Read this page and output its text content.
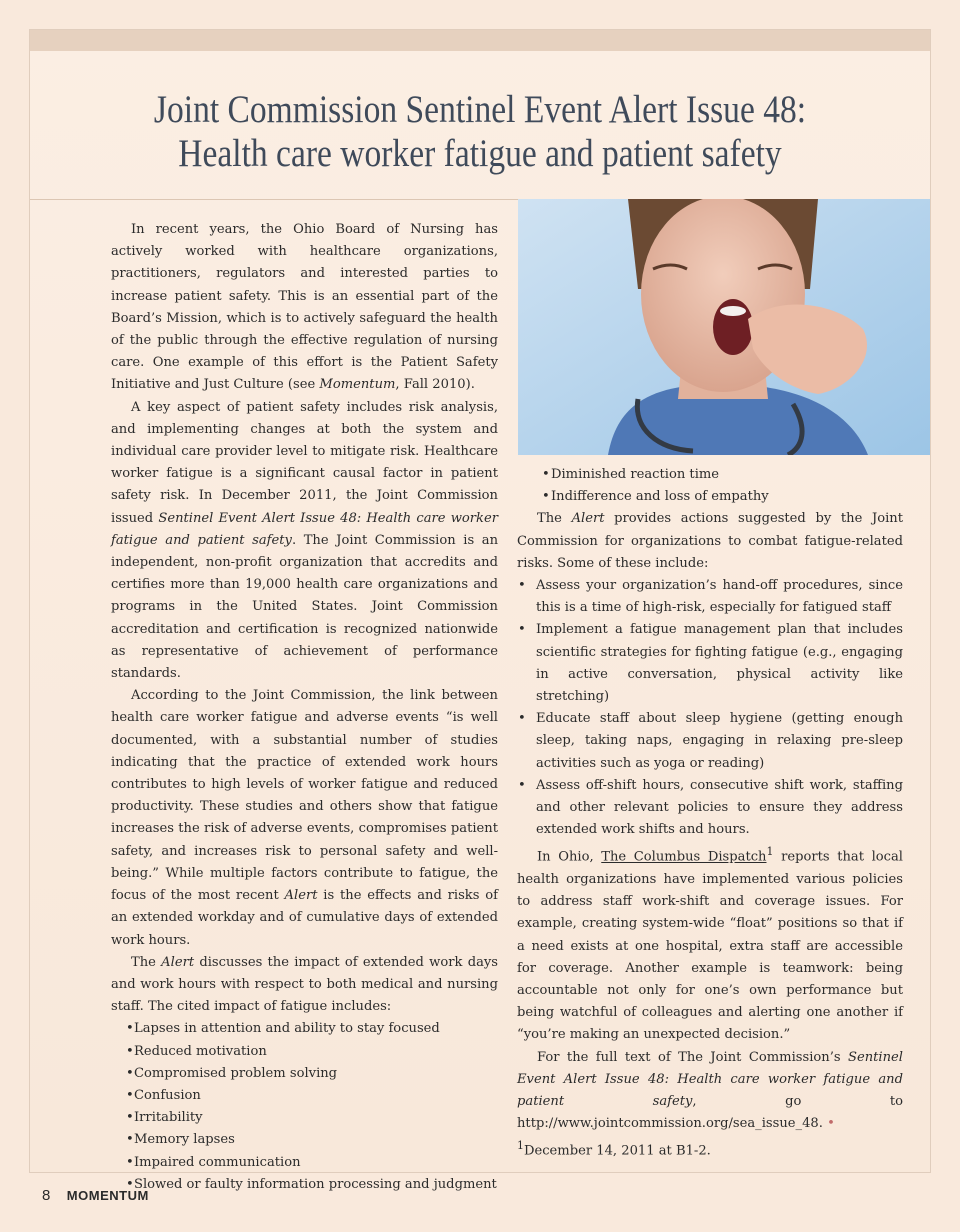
Joint Commission Sentinel Event Alert Issue 48:
Health care worker fatigue and patient safety

In recent years, the Ohio Board of Nursing has actively worked with healthcare organizations, practitioners, regulators and interested parties to increase patient safety. This is an essential part of the Board’s Mission, which is to actively safeguard the health of the public through the effective regulation of nursing care. One example of this effort is the Patient Safety Initiative and Just Culture (see Momentum, Fall 2010).

A key aspect of patient safety includes risk analysis, and implementing changes at both the system and individual care provider level to mitigate risk. Healthcare worker fatigue is a significant causal factor in patient safety risk. In December 2011, the Joint Commission issued Sentinel Event Alert Issue 48: Health care worker fatigue and patient safety. The Joint Commission is an independent, non-profit organization that accredits and certifies more than 19,000 health care organizations and programs in the United States. Joint Commission accreditation and certification is recognized nationwide as representative of achievement of performance standards.

According to the Joint Commission, the link between health care worker fatigue and adverse events “is well documented, with a substantial number of studies indicating that the practice of extended work hours contributes to high levels of worker fatigue and reduced productivity. These studies and others show that fatigue increases the risk of adverse events, compromises patient safety, and increases risk to personal safety and well-being.” While multiple factors contribute to fatigue, the focus of the most recent Alert is the effects and risks of an extended workday and of cumulative days of extended work hours.

The Alert discusses the impact of extended work days and work hours with respect to both medical and nursing staff. The cited impact of fatigue includes:

• Lapses in attention and ability to stay focused
• Reduced motivation
• Compromised problem solving
• Confusion
• Irritability
• Memory lapses
• Impaired communication
• Slowed or faulty information processing and judgment
• Diminished reaction time
• Indifference and loss of empathy

The Alert provides actions suggested by the Joint Commission for organizations to combat fatigue-related risks. Some of these include:

• Assess your organization’s hand-off procedures, since this is a time of high-risk, especially for fatigued staff
• Implement a fatigue management plan that includes scientific strategies for fighting fatigue (e.g., engaging in active conversation, physical activity like stretching)
• Educate staff about sleep hygiene (getting enough sleep, taking naps, engaging in relaxing pre-sleep activities such as yoga or reading)
• Assess off-shift hours, consecutive shift work, staffing and other relevant policies to ensure they address extended work shifts and hours.

In Ohio, The Columbus Dispatch$^1$ reports that local health organizations have implemented various policies to address staff work-shift and coverage issues. For example, creating system-wide “float” positions so that if a need exists at one hospital, extra staff are accessible for coverage. Another example is teamwork: being accountable not only for one’s own performance but being watchful of colleagues and alerting one another if “you’re making an unexpected decision.”

For the full text of The Joint Commission’s Sentinel Event Alert Issue 48: Health care worker fatigue and patient safety, go to http://www.jointcommission.org/sea_issue_48. •

$^1$December 14, 2011 at B1-2.

8 MOMENTUM
